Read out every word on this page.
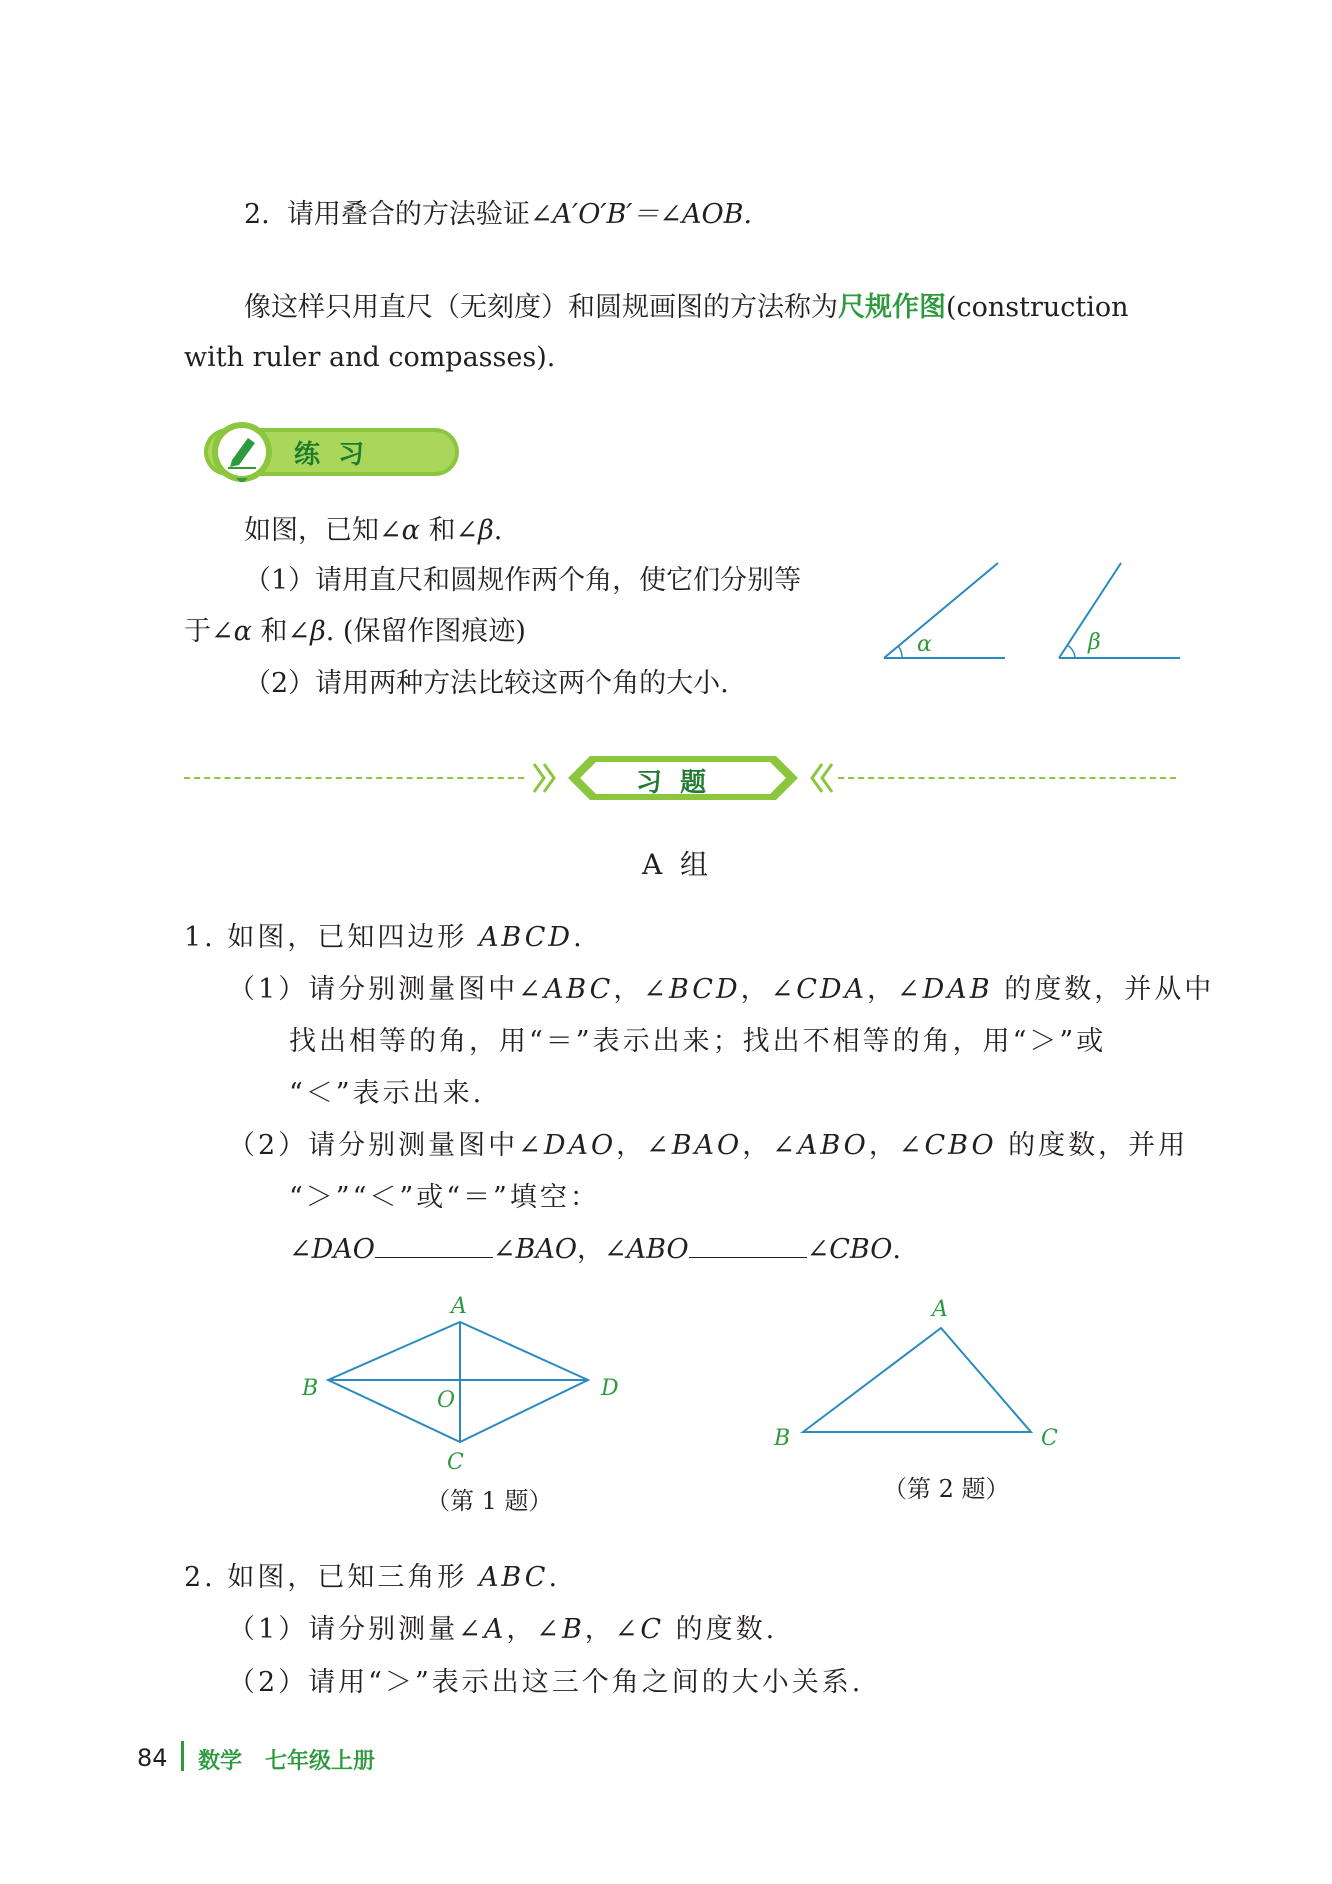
2. 请用叠合的方法验证∠A′O′B′＝∠AOB.
像这样只用直尺（无刻度）和圆规画图的方法称为尺规作图(construction
with ruler and compasses).
练  习
如图，已知∠α 和∠β.
（1）请用直尺和圆规作两个角，使它们分别等
于∠α 和∠β. (保留作图痕迹)
（2）请用两种方法比较这两个角的大小.
α	β
习  题
A  组
1. 如图，已知四边形 ABCD.
（1）请分别测量图中∠ABC，∠BCD，∠CDA，∠DAB 的度数，并从中
找出相等的角，用“＝”表示出来；找出不相等的角，用“＞”或
“＜”表示出来.
（2）请分别测量图中∠DAO，∠BAO，∠ABO，∠CBO 的度数，并用
“＞”“＜”或“＝”填空：
∠DAO	∠BAO，∠ABO	∠CBO.
A
B
C
D
O
（第 1 题）
A
B	C
（第 2 题）
2. 如图，已知三角形 ABC.
（1）请分别测量∠A，∠B，∠C 的度数.
（2）请用“＞”表示出这三个角之间的大小关系.
84 数学   七年级上册
